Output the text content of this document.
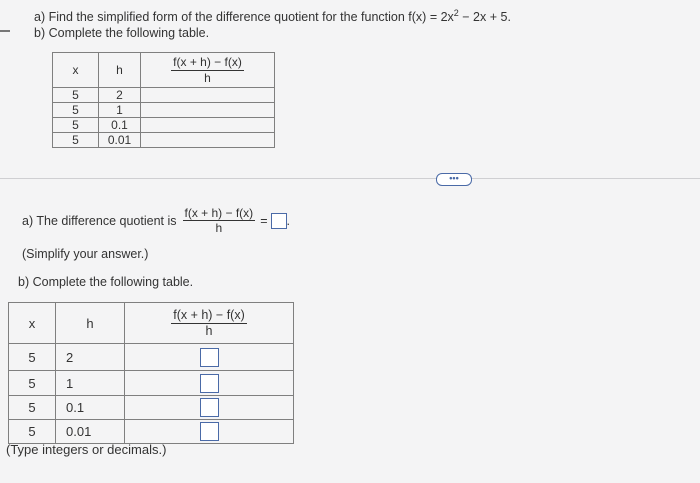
a) Find the simplified form of the difference quotient for the function $f(x) = 2x^2 - 2x + 5$.
b) Complete the following table.
x	h	$\frac{f(x + h) - f(x)}{h}$

5	2	
5	1	
5	0.1	
5	0.01	
•••
a) The difference quotient is $\frac{f(x + h) - f(x)}{h}$ = .
(Simplify your answer.)
b) Complete the following table.
x	h	$\frac{f(x + h) - f(x)}{h}$

5	2	
5	1	
5	0.1	
5	0.01	
(Type integers or decimals.)
